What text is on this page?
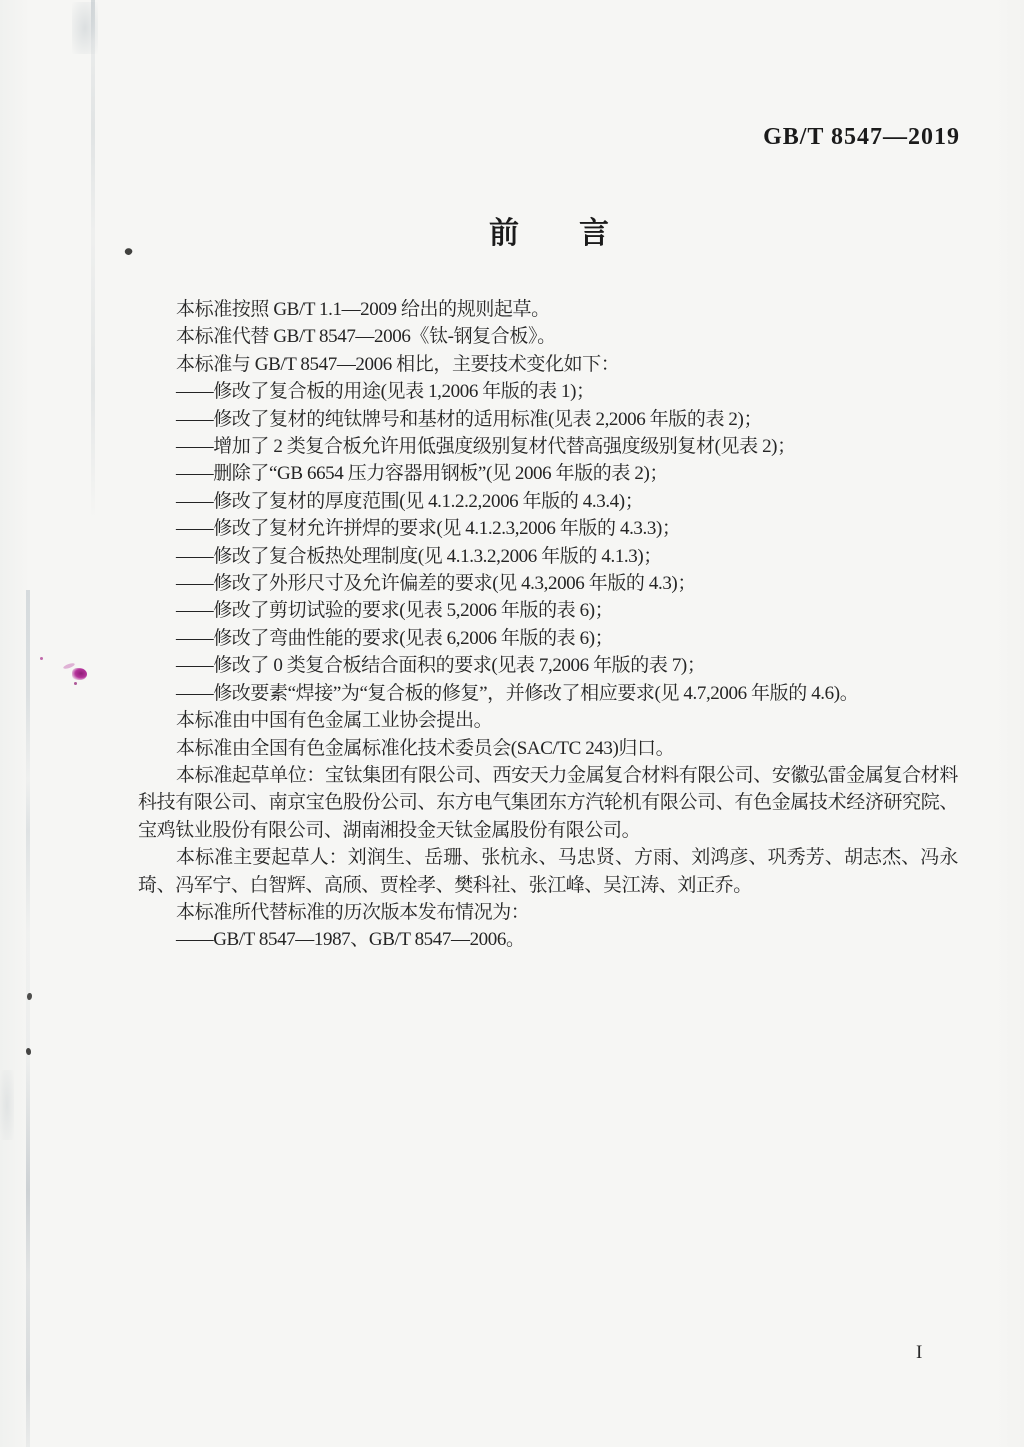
GB/T 8547—2019
前　　言

本标准按照 GB/T 1.1—2009 给出的规则起草。

本标准代替 GB/T 8547—2006《钛-钢复合板》。

本标准与 GB/T 8547—2006 相比，主要技术变化如下：

——修改了复合板的用途(见表 1,2006 年版的表 1)；

——修改了复材的纯钛牌号和基材的适用标准(见表 2,2006 年版的表 2)；

——增加了 2 类复合板允许用低强度级别复材代替高强度级别复材(见表 2)；

——删除了“GB 6654 压力容器用钢板”(见 2006 年版的表 2)；

——修改了复材的厚度范围(见 4.1.2.2,2006 年版的 4.3.4)；

——修改了复材允许拼焊的要求(见 4.1.2.3,2006 年版的 4.3.3)；

——修改了复合板热处理制度(见 4.1.3.2,2006 年版的 4.1.3)；

——修改了外形尺寸及允许偏差的要求(见 4.3,2006 年版的 4.3)；

——修改了剪切试验的要求(见表 5,2006 年版的表 6)；

——修改了弯曲性能的要求(见表 6,2006 年版的表 6)；

——修改了 0 类复合板结合面积的要求(见表 7,2006 年版的表 7)；

——修改要素“焊接”为“复合板的修复”，并修改了相应要求(见 4.7,2006 年版的 4.6)。

本标准由中国有色金属工业协会提出。

本标准由全国有色金属标准化技术委员会(SAC/TC 243)归口。

本标准起草单位：宝钛集团有限公司、西安天力金属复合材料有限公司、安徽弘雷金属复合材料科技有限公司、南京宝色股份公司、东方电气集团东方汽轮机有限公司、有色金属技术经济研究院、宝鸡钛业股份有限公司、湖南湘投金天钛金属股份有限公司。

本标准主要起草人：刘润生、岳珊、张杭永、马忠贤、方雨、刘鸿彦、巩秀芳、胡志杰、冯永琦、冯军宁、白智辉、高颀、贾栓孝、樊科社、张江峰、吴江涛、刘正乔。

本标准所代替标准的历次版本发布情况为：

——GB/T 8547—1987、GB/T 8547—2006。

I
